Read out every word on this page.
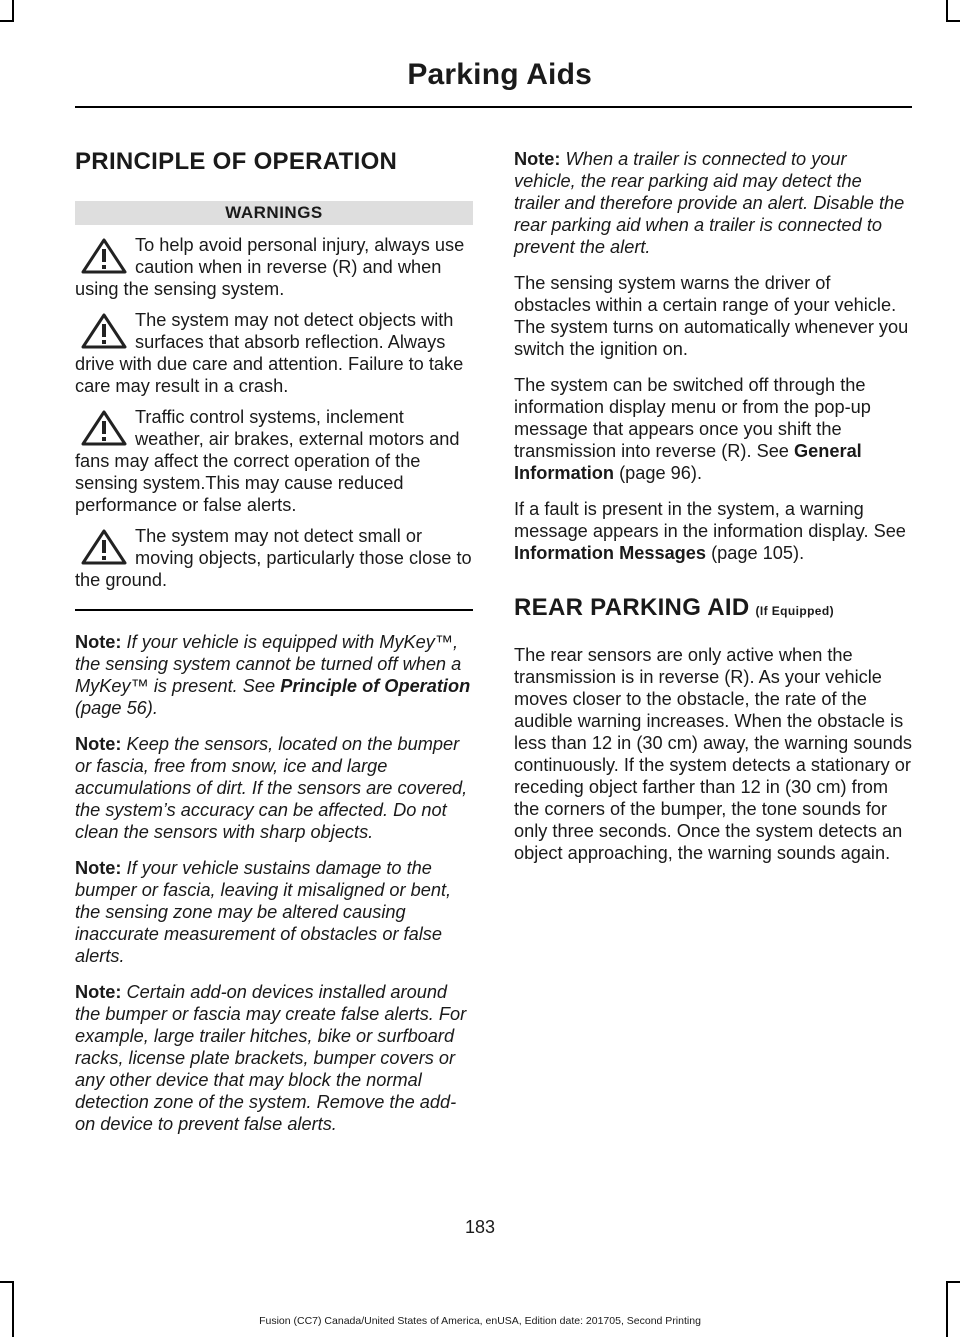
Parking Aids
PRINCIPLE OF OPERATION
WARNINGS

To help avoid personal injury, always use caution when in reverse (R) and when using the sensing system.

The system may not detect objects with surfaces that absorb reflection. Always drive with due care and attention. Failure to take care may result in a crash.

Traffic control systems, inclement weather, air brakes, external motors and fans may affect the correct operation of the sensing system.This may cause reduced performance or false alerts.

The system may not detect small or moving objects, particularly those close to the ground.

Note: If your vehicle is equipped with MyKey™, the sensing system cannot be turned off when a MyKey™ is present. See Principle of Operation (page 56).

Note: Keep the sensors, located on the bumper or fascia, free from snow, ice and large accumulations of dirt. If the sensors are covered, the system’s accuracy can be affected. Do not clean the sensors with sharp objects.

Note: If your vehicle sustains damage to the bumper or fascia, leaving it misaligned or bent, the sensing zone may be altered causing inaccurate measurement of obstacles or false alerts.

Note: Certain add-on devices installed around the bumper or fascia may create false alerts. For example, large trailer hitches, bike or surfboard racks, license plate brackets, bumper covers or any other device that may block the normal detection zone of the system. Remove the add-on device to prevent false alerts.

Note: When a trailer is connected to your vehicle, the rear parking aid may detect the trailer and therefore provide an alert. Disable the rear parking aid when a trailer is connected to prevent the alert.

The sensing system warns the driver of obstacles within a certain range of your vehicle. The system turns on automatically whenever you switch the ignition on.

The system can be switched off through the information display menu or from the pop-up message that appears once you shift the transmission into reverse (R). See General Information (page 96).

If a fault is present in the system, a warning message appears in the information display. See Information Messages (page 105).

REAR PARKING AID (If Equipped)

The rear sensors are only active when the transmission is in reverse (R). As your vehicle moves closer to the obstacle, the rate of the audible warning increases. When the obstacle is less than 12 in (30 cm) away, the warning sounds continuously. If the system detects a stationary or receding object farther than 12 in (30 cm) from the corners of the bumper, the tone sounds for only three seconds. Once the system detects an object approaching, the warning sounds again.

183
Fusion (CC7) Canada/United States of America, enUSA, Edition date: 201705, Second Printing
